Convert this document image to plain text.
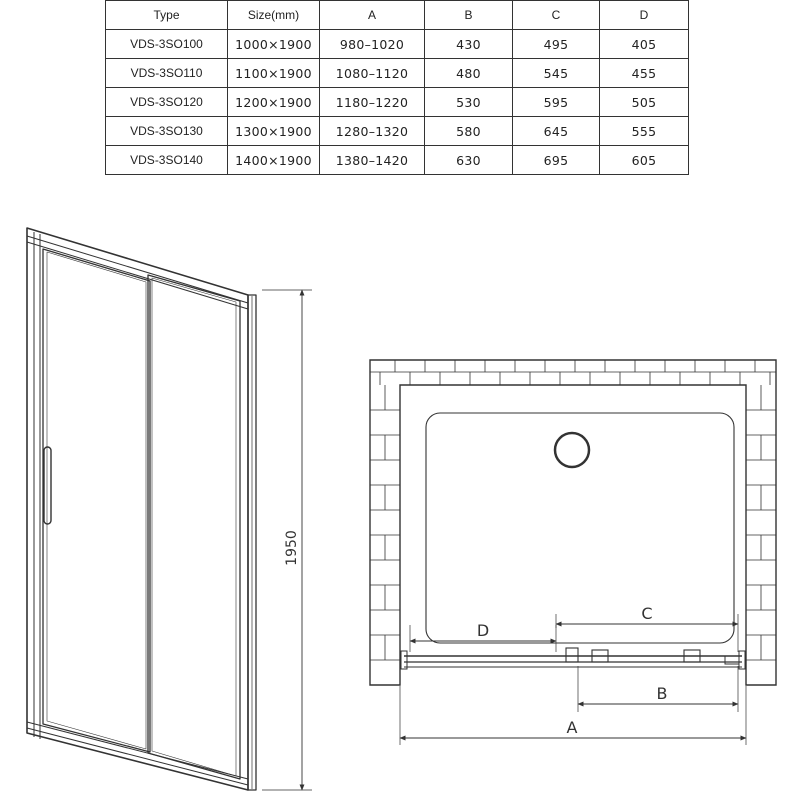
Type	Size(mm)	A	B	C	D
VDS-3SO100	1000×1900	980–1020	430	495	405
VDS-3SO110	1100×1900	1080–1120	480	545	455
VDS-3SO120	1200×1900	1180–1220	530	595	505
VDS-3SO130	1300×1900	1280–1320	580	645	555
VDS-3SO140	1400×1900	1380–1420	630	695	605
1950
D
C
B
A
